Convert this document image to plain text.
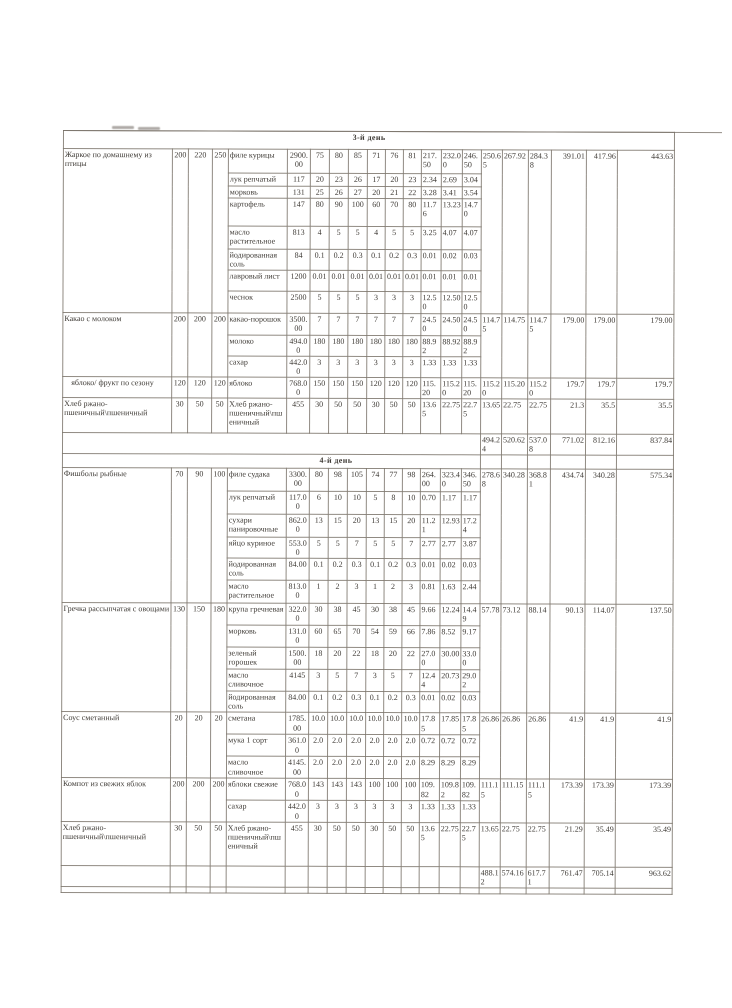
3-й день																				
Жаркое по домашнему из птицы	200	220	250	филе курицы	2900.00	75	80	85	71	76	81	217.50	232.00	246.50	250.65	267.92	284.38	391.01	417.96	443.63
				лук репчатый	117	20	23	26	17	20	23	2.34	2.69	3.04						
				морковь	131	25	26	27	20	21	22	3.28	3.41	3.54						
				картофель	147	80	90	100	60	70	80	11.76	13.23	14.70						
				масло растительное	813	4	5	5	4	5	5	3.25	4.07	4.07						
				йодированная соль	84	0.1	0.2	0.3	0.1	0.2	0.3	0.01	0.02	0.03						
				лавровый лист	1200	0.01	0.01	0.01	0.01	0.01	0.01	0.01	0.01	0.01						
				чеснок	2500	5	5	5	3	3	3	12.50	12.50	12.50						
Какао с молоком	200	200	200	какао-порошок	3500.00	7	7	7	7	7	7	24.50	24.50	24.50	114.75	114.75	114.75	179.00	179.00	179.00
				молоко	494.00	180	180	180	180	180	180	88.92	88.92	88.92						
				сахар	442.00	3	3	3	3	3	3	1.33	1.33	1.33						
яблоко/ фрукт по сезону	120	120	120	яблоко	768.00	150	150	150	120	120	120	115.20	115.20	115.20	115.20	115.20	115.20	179.7	179.7	179.7
Хлеб ржано-пшеничный\пшеничный	30	50	50	Хлеб ржано-пшеничный\пшеничный	455	30	50	50	30	50	50	13.65	22.75	22.75	13.65	22.75	22.75	21.3	35.5	35.5
															494.24	520.62	537.08	771.02	812.16	837.84
4-й день																				
Фишболы рыбные	70	90	100	филе судака	3300.00	80	98	105	74	77	98	264.00	323.40	346.50	278.68	340.28	368.81	434.74	340.28	575.34
				лук репчатый	117.00	6	10	10	5	8	10	0.70	1.17	1.17						
				сухари панировочные	862.00	13	15	20	13	15	20	11.21	12.93	17.24						
				яйцо куриное	553.00	5	5	7	5	5	7	2.77	2.77	3.87						
				йодированная соль	84.00	0.1	0.2	0.3	0.1	0.2	0.3	0.01	0.02	0.03						
				масло растительное	813.00	1	2	3	1	2	3	0.81	1.63	2.44						
Гречка рассыпчатая с овощами	130	150	180	крупа гречневая	322.00	30	38	45	30	38	45	9.66	12.24	14.49	57.78	73.12	88.14	90.13	114.07	137.50
				морковь	131.00	60	65	70	54	59	66	7.86	8.52	9.17						
				зеленый горошек	1500.00	18	20	22	18	20	22	27.00	30.00	33.00						
				масло сливочное	4145	3	5	7	3	5	7	12.44	20.73	29.02						
				йодированная соль	84.00	0.1	0.2	0.3	0.1	0.2	0.3	0.01	0.02	0.03						
Соус сметанный	20	20	20	сметана	1785.00	10.0	10.0	10.0	10.0	10.0	10.0	17.85	17.85	17.85	26.86	26.86	26.86	41.9	41.9	41.9
				мука 1 сорт	361.00	2.0	2.0	2.0	2.0	2.0	2.0	0.72	0.72	0.72						
				масло сливочное	4145.00	2.0	2.0	2.0	2.0	2.0	2.0	8.29	8.29	8.29						
Компот из свежих яблок	200	200	200	яблоки свежие	768.00	143	143	143	100	100	100	109.82	109.82	109.82	111.15	111.15	111.15	173.39	173.39	173.39
				сахар	442.00	3	3	3	3	3	3	1.33	1.33	1.33						
Хлеб ржано-пшеничный\пшеничный	30	50	50	Хлеб ржано-пшеничный\пшеничный	455	30	50	50	30	50	50	13.65	22.75	22.75	13.65	22.75	22.75	21.29	35.49	35.49
															488.12	574.16	617.71	761.47	705.14	963.62
